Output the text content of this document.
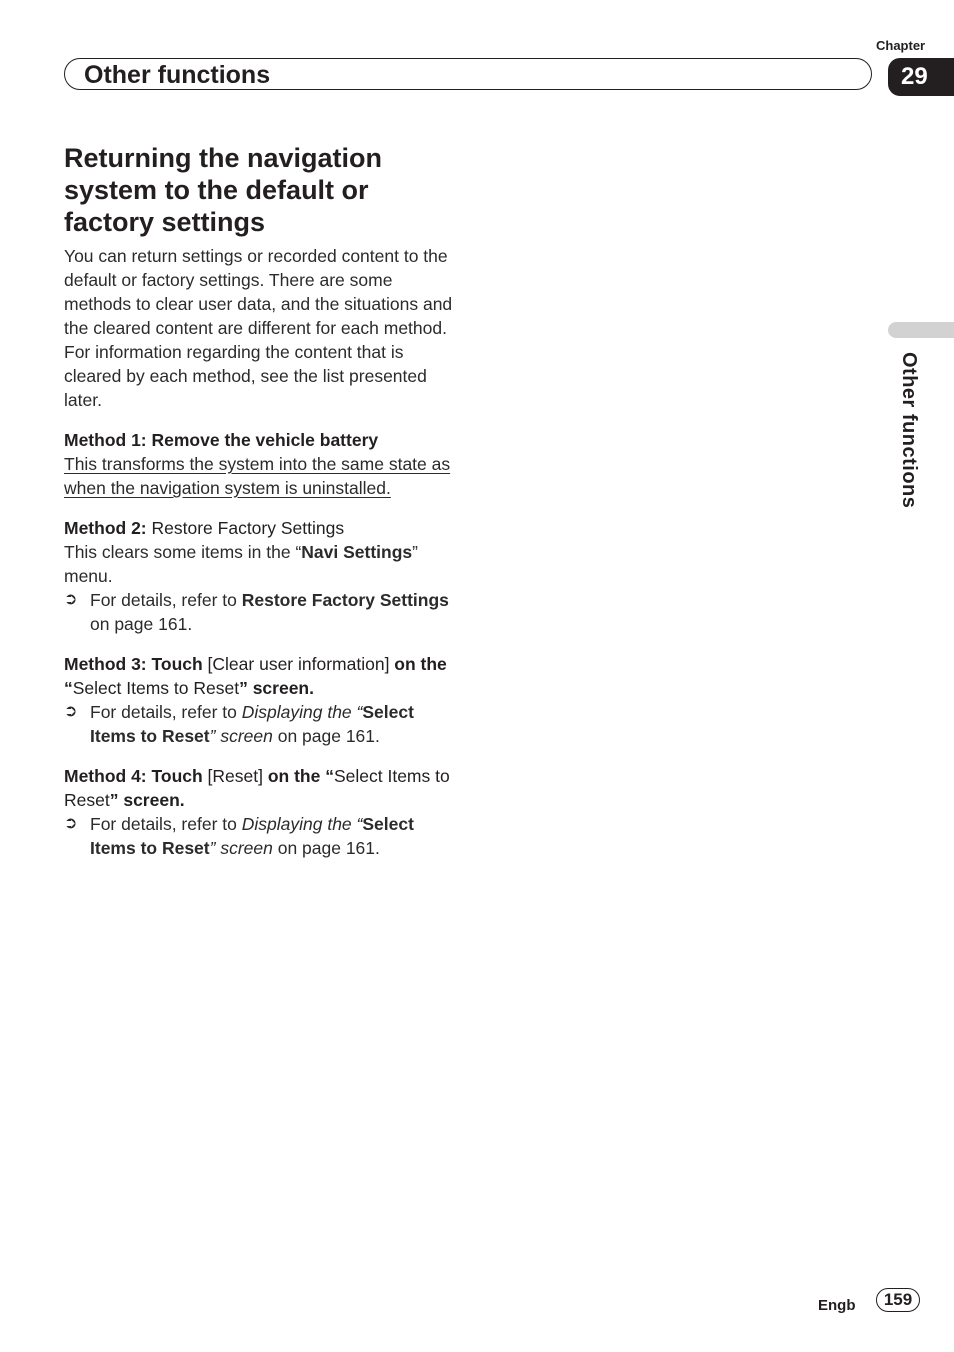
Chapter
Other functions	29
Returning the navigation system to the default or factory settings

You can return settings or recorded content to the default or factory settings. There are some methods to clear user data, and the situations and the cleared content are different for each method. For information regarding the content that is cleared by each method, see the list presented later.

Method 1: Remove the vehicle battery

This transforms the system into the same state as when the navigation system is uninstalled.

Method 2: Restore Factory Settings

This clears some items in the “Navi Settings” menu.

➲ For details, refer to Restore Factory Settings on page 161.

Method 3: Touch [Clear user information] on the “Select Items to Reset” screen.

➲ For details, refer to Displaying the “Select Items to Reset” screen on page 161.

Method 4: Touch [Reset] on the “Select Items to Reset” screen.

➲ For details, refer to Displaying the “Select Items to Reset” screen on page 161.

Other functions
Engb	159
